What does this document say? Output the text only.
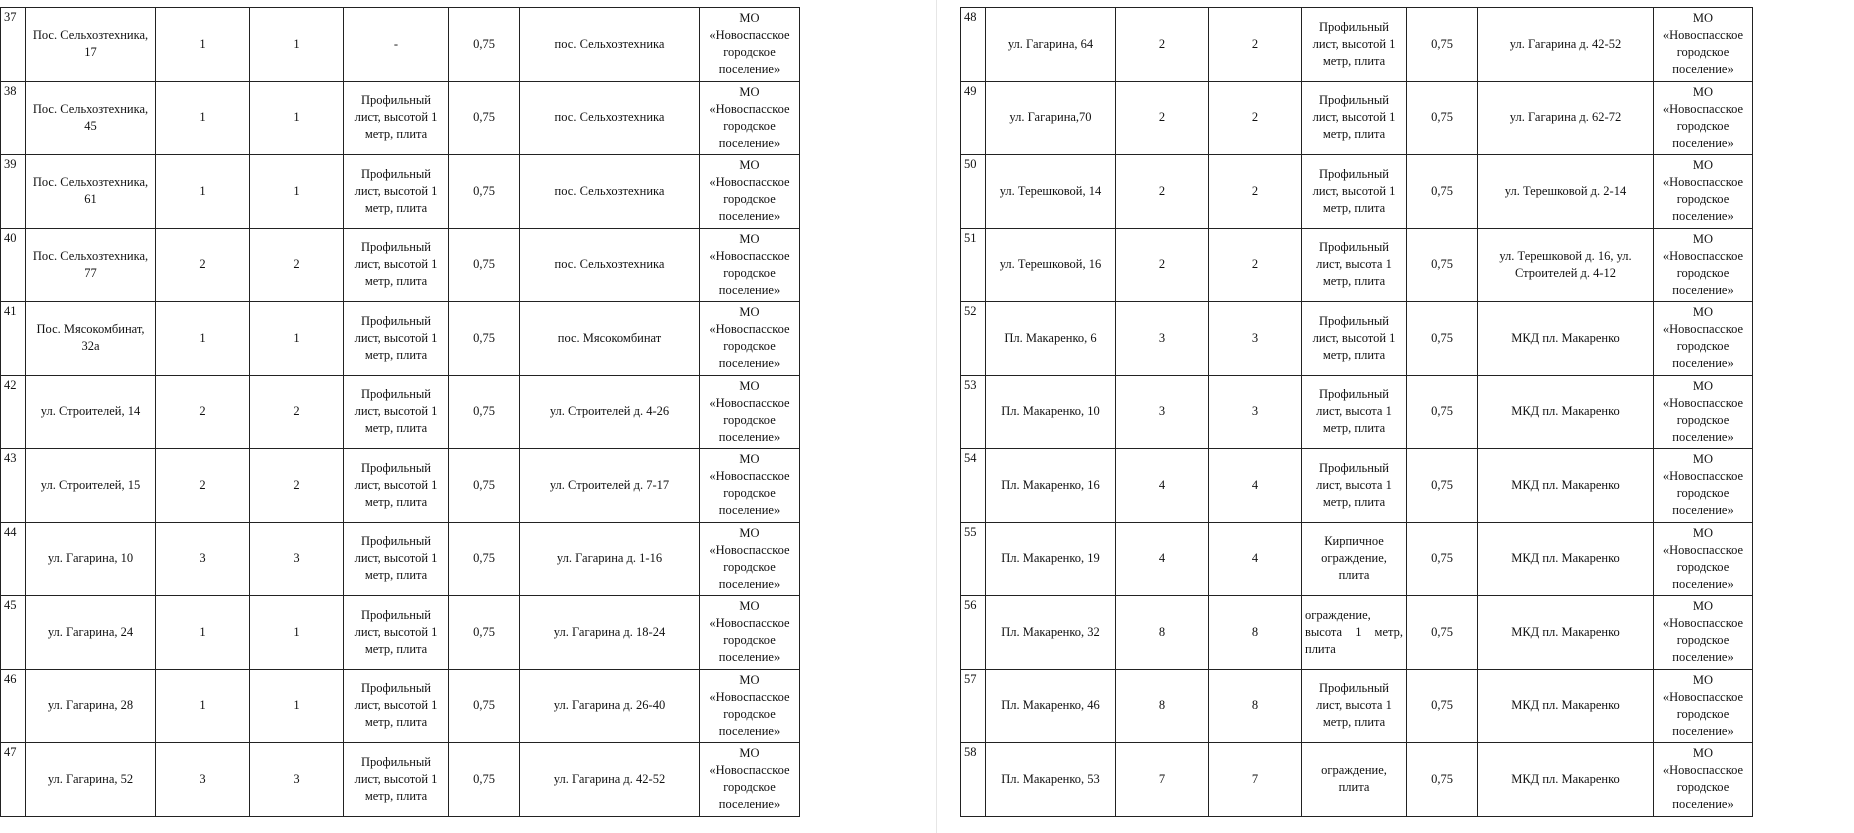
37	Пос. Сельхозтехника, 17	1	1	-	0,75	пос. Сельхозтехника	МО «Новоспасское городское поселение»
38	Пос. Сельхозтехника, 45	1	1	Профильный лист, высотой 1 метр, плита	0,75	пос. Сельхозтехника	МО «Новоспасское городское поселение»
39	Пос. Сельхозтехника, 61	1	1	Профильный лист, высотой 1 метр, плита	0,75	пос. Сельхозтехника	МО «Новоспасское городское поселение»
40	Пос. Сельхозтехника, 77	2	2	Профильный лист, высотой 1 метр, плита	0,75	пос. Сельхозтехника	МО «Новоспасское городское поселение»
41	Пос. Мясокомбинат, 32а	1	1	Профильный лист, высотой 1 метр, плита	0,75	пос. Мясокомбинат	МО «Новоспасское городское поселение»
42	ул. Строителей, 14	2	2	Профильный лист, высотой 1 метр, плита	0,75	ул. Строителей д. 4-26	МО «Новоспасское городское поселение»
43	ул. Строителей, 15	2	2	Профильный лист, высотой 1 метр, плита	0,75	ул. Строителей д. 7-17	МО «Новоспасское городское поселение»
44	ул. Гагарина, 10	3	3	Профильный лист, высотой 1 метр, плита	0,75	ул. Гагарина д. 1-16	МО «Новоспасское городское поселение»
45	ул. Гагарина, 24	1	1	Профильный лист, высотой 1 метр, плита	0,75	ул. Гагарина д. 18-24	МО «Новоспасское городское поселение»
46	ул. Гагарина, 28	1	1	Профильный лист, высотой 1 метр, плита	0,75	ул. Гагарина д. 26-40	МО «Новоспасское городское поселение»
47	ул. Гагарина, 52	3	3	Профильный лист, высотой 1 метр, плита	0,75	ул. Гагарина д. 42-52	МО «Новоспасское городское поселение»
48	ул. Гагарина, 64	2	2	Профильный лист, высотой 1 метр, плита	0,75	ул. Гагарина д. 42-52	МО «Новоспасское городское поселение»
49	ул. Гагарина,70	2	2	Профильный лист, высотой 1 метр, плита	0,75	ул. Гагарина д. 62-72	МО «Новоспасское городское поселение»
50	ул. Терешковой, 14	2	2	Профильный лист, высотой 1 метр, плита	0,75	ул. Терешковой д. 2-14	МО «Новоспасское городское поселение»
51	ул. Терешковой, 16	2	2	Профильный лист, высота 1 метр, плита	0,75	ул. Терешковой д. 16, ул. Строителей д. 4-12	МО «Новоспасское городское поселение»
52	Пл. Макаренко, 6	3	3	Профильный лист, высотой 1 метр, плита	0,75	МКД пл. Макаренко	МО «Новоспасское городское поселение»
53	Пл. Макаренко, 10	3	3	Профильный лист, высота 1 метр, плита	0,75	МКД пл. Макаренко	МО «Новоспасское городское поселение»
54	Пл. Макаренко, 16	4	4	Профильный лист, высота 1 метр, плита	0,75	МКД пл. Макаренко	МО «Новоспасское городское поселение»
55	Пл. Макаренко, 19	4	4	Кирпичное ограждение, плита	0,75	МКД пл. Макаренко	МО «Новоспасское городское поселение»
56	Пл. Макаренко, 32	8	8	ограждение, высота 1 метр, плита	0,75	МКД пл. Макаренко	МО «Новоспасское городское поселение»
57	Пл. Макаренко, 46	8	8	Профильный лист, высота 1 метр, плита	0,75	МКД пл. Макаренко	МО «Новоспасское городское поселение»
58	Пл. Макаренко, 53	7	7	ограждение, плита	0,75	МКД пл. Макаренко	МО «Новоспасское городское поселение»
